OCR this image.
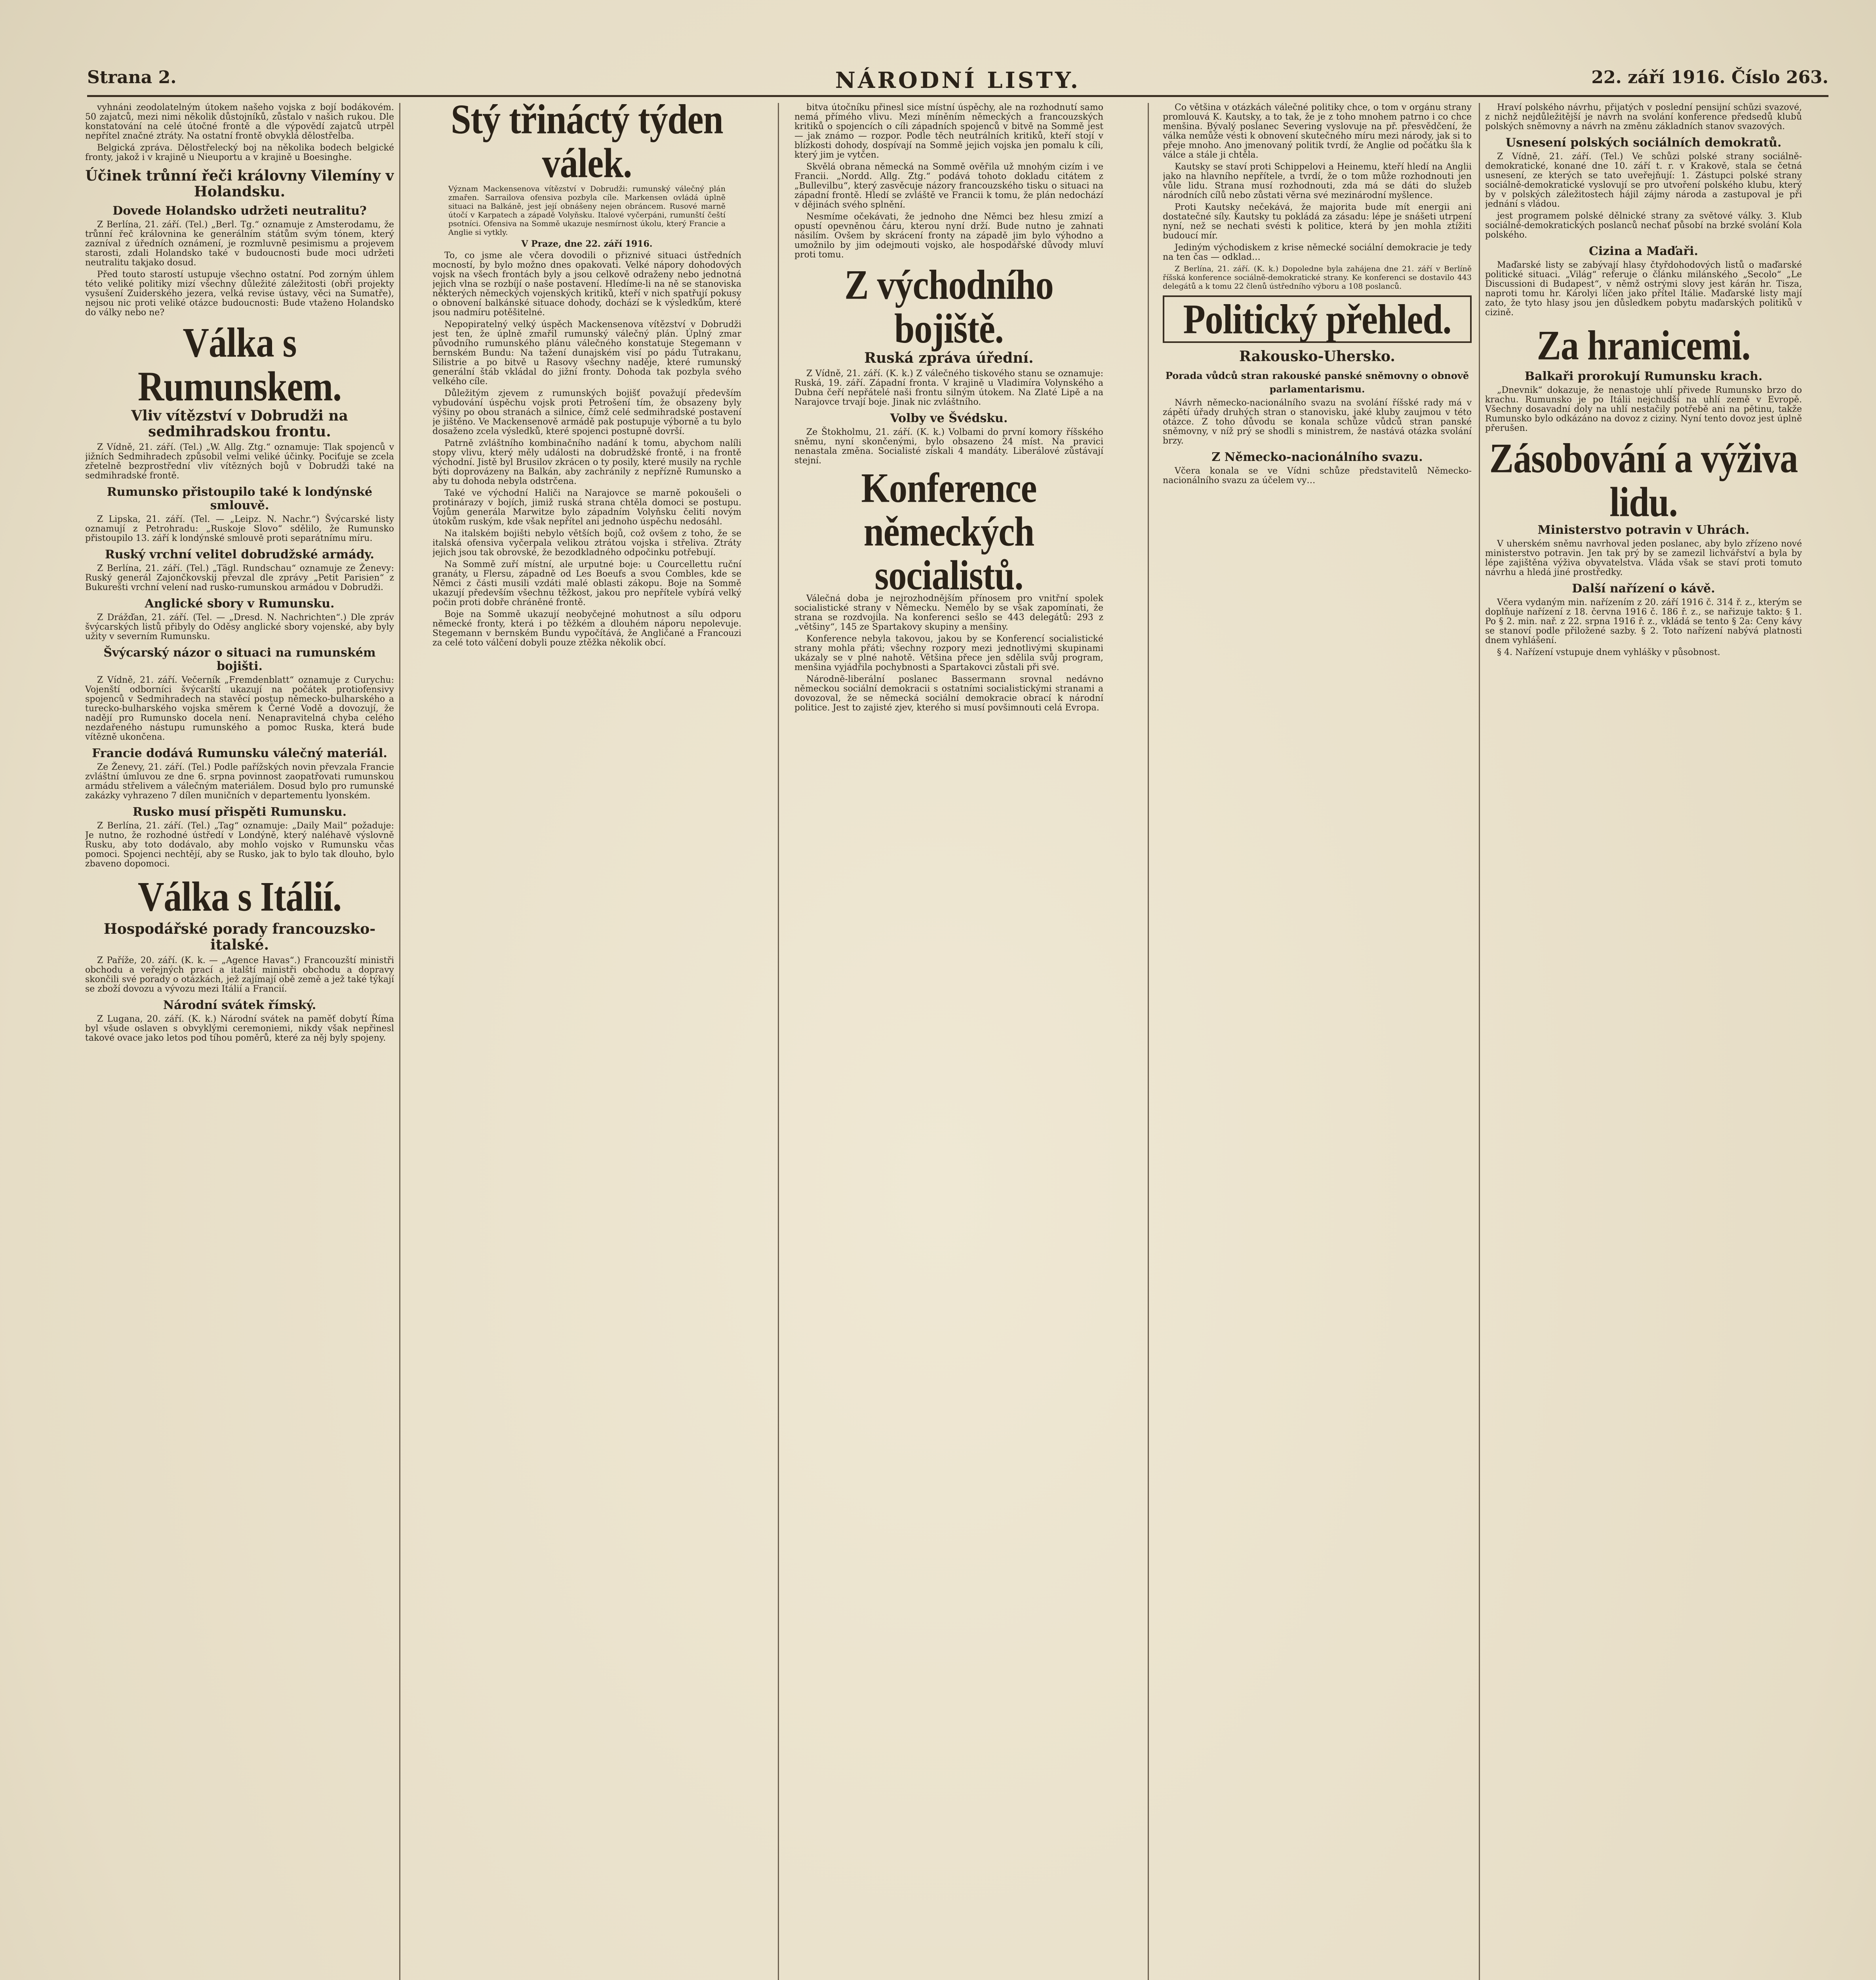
Strana 2.	NÁRODNÍ LISTY.	22. září 1916. Číslo 263.

vyhnáni zeodolatelným útokem našeho vojska z bojí bodákovém. 50 zajatců, mezi nimi několik důstojníků, zůstalo v našich rukou. Dle konstatování na celé útočné frontě a dle výpovědí zajatců utrpěl nepřítel značné ztráty. Na ostatní frontě obvyklá dělostřelba.

Belgická zpráva. Dělostřelecký boj na několika bodech belgické fronty, jakož i v krajině u Nieuportu a v krajině u Boesinghe.

Účinek trůnní řeči královny Vilemíny v Holandsku.
Dovede Holandsko udržeti neutralitu?

Z Berlína, 21. září. (Tel.) „Berl. Tg.“ oznamuje z Amsterodamu, že trůnní řeč královnina ke generálním státům svým tónem, který zazníval z úředních oznámení, je rozmluvně pesimismu a projevem starosti, zdali Holandsko také v budoucnosti bude moci udržeti neutralitu takjako dosud.

Před touto starostí ustupuje všechno ostatní. Pod zorným úhlem této veliké politiky mizí všechny důležité záležitosti (obři projekty vysušení Zuiderského jezera, velká revise ústavy, věci na Sumatře), nejsou nic proti veliké otázce budoucnosti: Bude vtaženo Holandsko do války nebo ne?

Válka s Rumunskem.
Vliv vítězství v Dobrudži na sedmihradskou frontu.

Z Vídně, 21. září. (Tel.) „W. Allg. Ztg.“ oznamuje: Tlak spojenců v jižních Sedmihradech způsobil velmi veliké účinky. Pociťuje se zcela zřetelně bezprostřední vliv vítězných bojů v Dobrudži také na sedmihradské frontě.

Rumunsko přistoupilo také k londýnské smlouvě.

Z Lipska, 21. září. (Tel. — „Leipz. N. Nachr.“) Švýcarské listy oznamují z Petrohradu: „Ruskoje Slovo“ sdělilo, že Rumunsko přistoupilo 13. září k londýnské smlouvě proti separátnímu míru.

Ruský vrchní velitel dobrudžské armády.

Z Berlína, 21. září. (Tel.) „Tägl. Rundschau“ oznamuje ze Ženevy: Ruský generál Zajončkovskij převzal dle zprávy „Petit Parisien“ z Bukurešti vrchní velení nad rusko-rumunskou armádou v Dobrudži.

Anglické sbory v Rumunsku.

Z Drážďan, 21. září. (Tel. — „Dresd. N. Nachrichten“.) Dle zpráv švýcarských listů přibyly do Oděsy anglické sbory vojenské, aby byly užity v severním Rumunsku.

Švýcarský názor o situaci na rumunském bojišti.

Z Vídně, 21. září. Večerník „Fremdenblatt“ oznamuje z Curychu: Vojenští odborníci švýcarští ukazují na počátek protiofensivy spojenců v Sedmihradech na stavěcí postup německo-bulharského a turecko-bulharského vojska směrem k Černé Vodě a dovozují, že nadějí pro Rumunsko docela není. Nenapravitelná chyba celého nezdařeného nástupu rumunského a pomoc Ruska, která bude vítězně ukončena.

Francie dodává Rumunsku válečný materiál.

Ze Ženevy, 21. září. (Tel.) Podle pařížských novin převzala Francie zvláštní úmluvou ze dne 6. srpna povinnost zaopatřovati rumunskou armádu střelivem a válečným materiálem. Dosud bylo pro rumunské zakázky vyhrazeno 7 dílen muničních v departementu lyonském.

Rusko musí přispěti Rumunsku.

Z Berlína, 21. září. (Tel.) „Tag“ oznamuje: „Daily Mail“ požaduje: Je nutno, že rozhodné ústředí v Londýně, který naléhavě výslovně Rusku, aby toto dodávalo, aby mohlo vojsko v Rumunsku včas pomoci. Spojenci nechtějí, aby se Rusko, jak to bylo tak dlouho, bylo zbaveno dopomoci.

Válka s Itálií.
Hospodářské porady francouzsko-italské.

Z Paříže, 20. září. (K. k. — „Agence Havas“.) Francouzští ministři obchodu a veřejných prací a italští ministři obchodu a dopravy skončili své porady o otázkách, jež zajímají obě země a jež také týkají se zboží dovozu a vývozu mezi Itálií a Francií.

Národní svátek římský.

Z Lugana, 20. září. (K. k.) Národní svátek na paměť dobytí Říma byl všude oslaven s obvyklými ceremoniemi, nikdy však nepřinesl takové ovace jako letos pod tíhou poměrů, které za něj byly spojeny.

Stý třináctý týden válek.

Význam Mackensenova vítězství v Dobrudži: rumunský válečný plán zmařen. Sarrailova ofensiva pozbyla cíle. Markensen ovládá úplně situaci na Balkáně, jest její obnášeny nejen obráncem. Rusové marně útočí v Karpatech a západě Volyňsku. Italové vyčerpáni, rumunští čeští psotníci. Ofensiva na Sommě ukazuje nesmírnost úkolu, který Francie a Anglie si vytkly.

V Praze, dne 22. září 1916.

To, co jsme ale včera dovodili o přiznivé situaci ústředních mocností, by bylo možno dnes opakovati. Velké nápory dohodových vojsk na všech frontách byly a jsou celkově odraženy nebo jednotná jejich vlna se rozbíjí o naše postavení. Hledíme-li na ně se stanoviska některých německých vojenských kritiků, kteří v nich spatřují pokusy o obnovení balkánské situace dohody, dochází se k výsledkům, které jsou nadmíru potěšitelné.

Nepopiratelný velký úspěch Mackensenova vítězství v Dobrudži jest ten, že úplně zmařil rumunský válečný plán. Úplný zmar původního rumunského plánu válečného konstatuje Stegemann v bernském Bundu: Na tažení dunajském visí po pádu Tutrakanu, Silistrie a po bitvě u Rasovy všechny naděje, které rumunský generální štáb vkládal do jižní fronty. Dohoda tak pozbyla svého velkého cíle.

Důležitým zjevem z rumunských bojišť považují především vybudování úspěchu vojsk proti Petrošení tím, že obsazeny byly výšiny po obou stranách a silnice, čímž celé sedmihradské postavení je jištěno. Ve Mackensenově armádě pak postupuje výborně a tu bylo dosaženo zcela výsledků, které spojenci postupně dovrší.

Patrně zvláštního kombinačního nadání k tomu, abychom nalíli stopy vlivu, který měly události na dobrudžské frontě, i na frontě východní. Jistě byl Brusilov zkrácen o ty posily, které musily na rychle býti doprovázeny na Balkán, aby zachránily z nepřízně Rumunsko a aby tu dohoda nebyla odstrčena.

Také ve východní Haliči na Narajovce se marně pokoušeli o protinárazy v bojích, jimiž ruská strana chtěla domoci se postupu. Vojům generála Marwitze bylo západním Volyňsku čeliti novým útokům ruským, kde však nepřítel ani jednoho úspěchu nedosáhl.

Na italském bojišti nebylo větších bojů, což ovšem z toho, že se italská ofensiva vyčerpala velikou ztrátou vojska i střeliva. Ztráty jejich jsou tak obrovské, že bezodkladného odpočinku potřebují.

Na Sommě zuří místní, ale urputné boje: u Courcellettu ruční granáty, u Flersu, západně od Les Boeufs a svou Combles, kde se Němci z části musili vzdáti malé oblasti zákopu. Boje na Sommě ukazují především všechnu těžkost, jakou pro nepřítele vybírá velký počin proti dobře chráněné frontě.

Boje na Sommě ukazují neobyčejné mohutnost a sílu odporu německé fronty, která i po těžkém a dlouhém náporu nepolevuje. Stegemann v bernském Bundu vypočítává, že Angličané a Francouzi za celé toto válčení dobyli pouze ztěžka několik obcí.

bitva útočníku přinesl sice místní úspěchy, ale na rozhodnutí samo nemá přímého vlivu. Mezi míněním německých a francouzských kritiků o spojencích o cíli západních spojenců v bitvě na Sommě jest — jak známo — rozpor. Podle těch neutrálních kritiků, kteří stojí v blízkosti dohody, dospívají na Sommě jejich vojska jen pomalu k cíli, který jim je vytčen.

Skvělá obrana německá na Sommě ověřila už mnohým cizím i ve Francii. „Nordd. Allg. Ztg.“ podává tohoto dokladu citátem z „Bullevilbu“, který zasvěcuje názory francouzského tisku o situaci na západní frontě. Hledí se zvláště ve Francii k tomu, že plán nedochází v dějinách svého splnění.

Nesmíme očekávati, že jednoho dne Němci bez hlesu zmizí a opustí opevněnou čáru, kterou nyní drží. Bude nutno je zahnati násilím. Ovšem by skrácení fronty na západě jim bylo výhodno a umožnilo by jim odejmouti vojsko, ale hospodářské důvody mluví proti tomu.

Z východního bojiště.
Ruská zpráva úřední.

Z Vídně, 21. září. (K. k.) Z válečného tiskového stanu se oznamuje: Ruská, 19. září. Západní fronta. V krajině u Vladimíra Volynského a Dubna čeří nepřátelé naši frontu silným útokem. Na Zlaté Lipě a na Narajovce trvají boje. Jinak nic zvláštního.

Volby ve Švédsku.

Ze Štokholmu, 21. září. (K. k.) Volbami do první komory říšského sněmu, nyní skončenými, bylo obsazeno 24 míst. Na pravici nenastala změna. Socialisté získali 4 mandáty. Liberálové zůstávají stejní.

Konference německých socialistů.

Válečná doba je nejrozhodnějším přínosem pro vnitřní spolek socialistické strany v Německu. Nemělo by se však zapomínati, že strana se rozdvojila. Na konferenci sešlo se 443 delegátů: 293 z „většiny“, 145 ze Spartakovy skupiny a menšiny.

Konference nebyla takovou, jakou by se Konferencí socialistické strany mohla přáti; všechny rozpory mezi jednotlivými skupinami ukázaly se v plné nahotě. Většina přece jen sdělila svůj program, menšina vyjádřila pochybnosti a Spartakovci zůstali při své.

Národně-liberální poslanec Bassermann srovnal nedávno německou sociální demokracii s ostatními socialistickými stranami a dovozoval, že se německá sociální demokracie obrací k národní politice. Jest to zajisté zjev, kterého si musí povšimnouti celá Evropa.

Co většina v otázkách válečné politiky chce, o tom v orgánu strany promlouvá K. Kautsky, a to tak, že je z toho mnohem patrno i co chce menšina. Bývalý poslanec Severing vyslovuje na př. přesvědčení, že válka nemůže vésti k obnovení skutečného míru mezi národy, jak si to přeje mnoho. Ano jmenovaný politik tvrdí, že Anglie od počátku šla k válce a stále ji chtěla.

Kautsky se staví proti Schippelovi a Heinemu, kteří hledí na Anglii jako na hlavního nepřítele, a tvrdí, že o tom může rozhodnouti jen vůle lidu. Strana musí rozhodnouti, zda má se dáti do služeb národních cílů nebo zůstati věrna své mezinárodní myšlence.

Proti Kautsky nečekává, že majorita bude mít energii ani dostatečné síly. Kautsky tu pokládá za zásadu: lépe je snášeti utrpení nyní, než se nechati svésti k politice, která by jen mohla ztížiti budoucí mír.

Jediným východiskem z krise německé sociální demokracie je tedy na ten čas — odklad…

Z Berlína, 21. září. (K. k.) Dopoledne byla zahájena dne 21. září v Berlíně říšská konference sociálně-demokratické strany. Ke konferenci se dostavilo 443 delegátů a k tomu 22 členů ústředního výboru a 108 poslanců.

Politický přehled.
Rakousko-Uhersko.
Porada vůdců stran rakouské panské sněmovny o obnově parlamentarismu.

Návrh německo-nacionálního svazu na svolání říšské rady má v zápětí úřady druhých stran o stanovisku, jaké kluby zaujmou v této otázce. Z toho důvodu se konala schůze vůdců stran panské sněmovny, v níž prý se shodli s ministrem, že nastává otázka svolání brzy.

Z Německo-nacionálního svazu.

Včera konala se ve Vídni schůze představitelů Německo-nacionálního svazu za účelem vy…

Hraví polského návrhu, přijatých v poslední pensijní schůzi svazové, z nichž nejdůležitější je návrh na svolání konference předsedů klubů polských sněmovny a návrh na změnu základních stanov svazových.

Usnesení polských sociálních demokratů.

Z Vídně, 21. září. (Tel.) Ve schůzi polské strany sociálně-demokratické, konané dne 10. září t. r. v Krakově, stala se četná usnesení, ze kterých se tato uveřejňují: 1. Zástupci polské strany sociálně-demokratické vyslovují se pro utvoření polského klubu, který by v polských záležitostech hájil zájmy národa a zastupoval je při jednání s vládou.

jest programem polské dělnické strany za světové války. 3. Klub sociálně-demokratických poslanců nechať působí na brzké svolání Kola polského.

Cizina a Maďaři.

Maďarské listy se zabývají hlasy čtyřdohodových listů o maďarské politické situaci. „Világ“ referuje o článku milánského „Secolo“ „Le Discussioni di Budapest“, v němž ostrými slovy jest kárán hr. Tisza, naproti tomu hr. Károlyi líčen jako přítel Itálie. Maďarské listy mají zato, že tyto hlasy jsou jen důsledkem pobytu maďarských politiků v cizině.

Za hranicemi.
Balkaři prorokují Rumunsku krach.

„Dnevnik“ dokazuje, že nenastoje uhlí přivede Rumunsko brzo do krachu. Rumunsko je po Itálii nejchudší na uhlí země v Evropě. Všechny dosavadní doly na uhlí nestačily potřebě ani na pětinu, takže Rumunsko bylo odkázáno na dovoz z ciziny. Nyní tento dovoz jest úplně přerušen.

Zásobování a výživa lidu.
Ministerstvo potravin v Uhrách.

V uherském sněmu navrhoval jeden poslanec, aby bylo zřízeno nové ministerstvo potravin. Jen tak prý by se zamezil lichvářství a byla by lépe zajištěna výživa obyvatelstva. Vláda však se staví proti tomuto návrhu a hledá jiné prostředky.

Další nařízení o kávě.

Včera vydaným min. nařízením z 20. září 1916 č. 314 ř. z., kterým se doplňuje nařízení z 18. června 1916 č. 186 ř. z., se nařizuje takto: § 1. Po § 2. min. nař. z 22. srpna 1916 ř. z., vkládá se tento § 2a: Ceny kávy se stanoví podle přiložené sazby. § 2. Toto nařízení nabývá platnosti dnem vyhlášení.

§ 4. Nařízení vstupuje dnem vyhlášky v působnost.
